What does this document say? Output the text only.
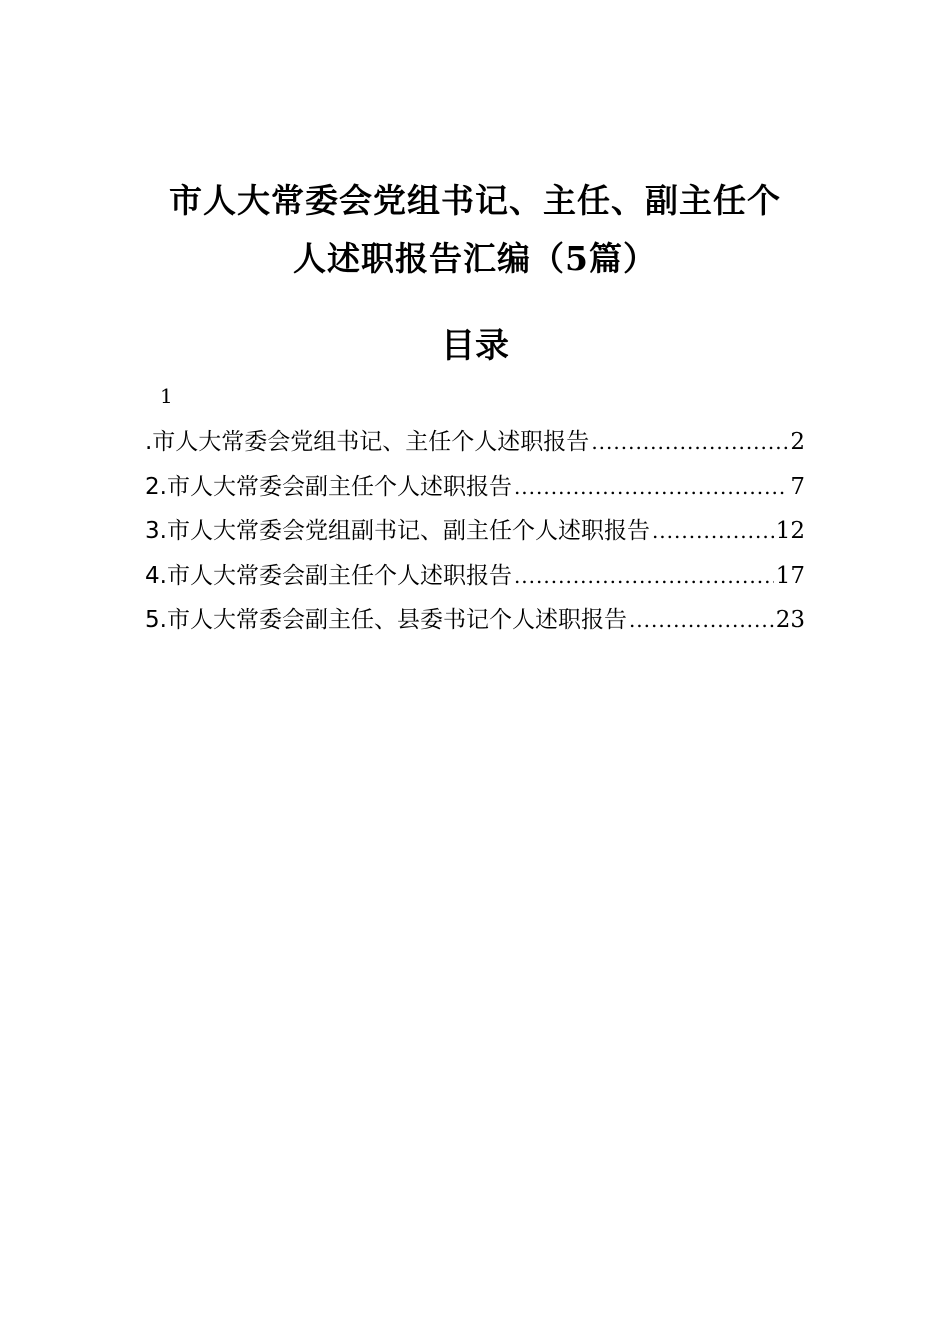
市人大常委会党组书记、主任、副主任个
人述职报告汇编（5篇）
目录
1
.市人大常委会党组书记、主任个人述职报告 .....	2
2.市人大常委会副主任个人述职报告 .....	7
3.市人大常委会党组副书记、副主任个人述职报告 .....	12
4.市人大常委会副主任个人述职报告 .....	17
5.市人大常委会副主任、县委书记个人述职报告 .....	23
